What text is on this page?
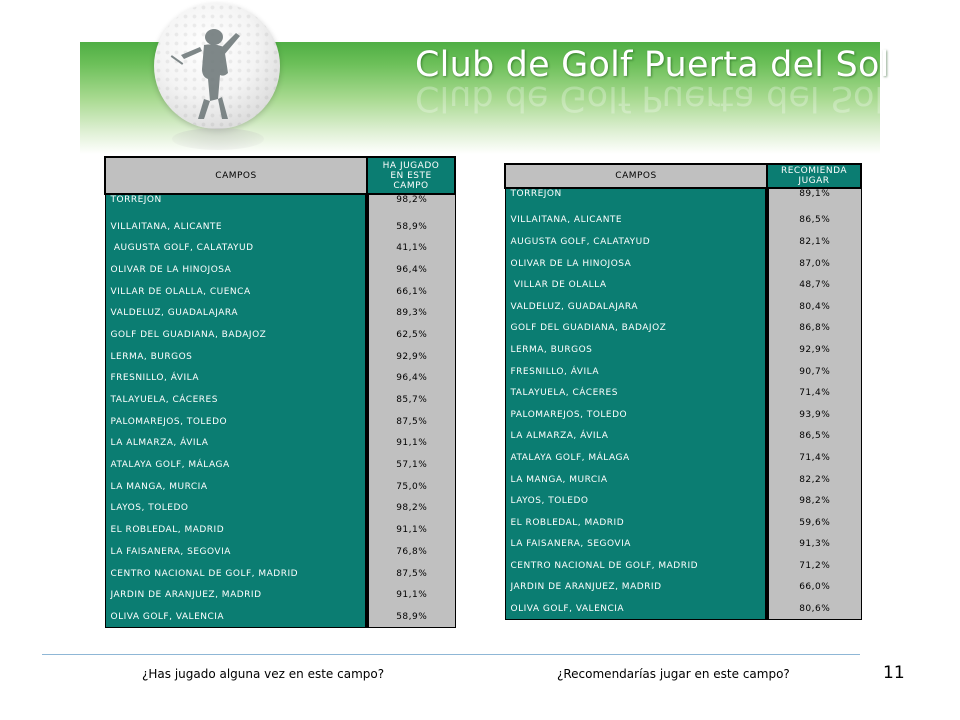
Club de Golf Puerta del Sol
Club de Golf Puerta del Sol
CAMPOS	HA JUGADO
EN ESTE
CAMPO
TORREJÓN	98,2%
VILLAITANA, ALICANTE	58,9%
AUGUSTA GOLF, CALATAYUD	41,1%
OLIVAR DE LA HINOJOSA	96,4%
VILLAR DE OLALLA, CUENCA	66,1%
VALDELUZ, GUADALAJARA	89,3%
GOLF DEL GUADIANA, BADAJOZ	62,5%
LERMA, BURGOS	92,9%
FRESNILLO, ÁVILA	96,4%
TALAYUELA, CÁCERES	85,7%
PALOMAREJOS, TOLEDO	87,5%
LA ALMARZA, ÁVILA	91,1%
ATALAYA GOLF, MÁLAGA	57,1%
LA MANGA, MURCIA	75,0%
LAYOS, TOLEDO	98,2%
EL ROBLEDAL, MADRID	91,1%
LA FAISANERA, SEGOVIA	76,8%
CENTRO NACIONAL DE GOLF, MADRID	87,5%
JARDIN DE ARANJUEZ, MADRID	91,1%
OLIVA GOLF, VALENCIA	58,9%
CAMPOS	RECOMIENDA
JUGAR
TORREJÓN	89,1%
VILLAITANA, ALICANTE	86,5%
AUGUSTA GOLF, CALATAYUD	82,1%
OLIVAR DE LA HINOJOSA	87,0%
VILLAR DE OLALLA	48,7%
VALDELUZ, GUADALAJARA	80,4%
GOLF DEL GUADIANA, BADAJOZ	86,8%
LERMA, BURGOS	92,9%
FRESNILLO, ÁVILA	90,7%
TALAYUELA, CÁCERES	71,4%
PALOMAREJOS, TOLEDO	93,9%
LA ALMARZA, ÁVILA	86,5%
ATALAYA GOLF, MÁLAGA	71,4%
LA MANGA, MURCIA	82,2%
LAYOS, TOLEDO	98,2%
EL ROBLEDAL, MADRID	59,6%
LA FAISANERA, SEGOVIA	91,3%
CENTRO NACIONAL DE GOLF, MADRID	71,2%
JARDIN DE ARANJUEZ, MADRID	66,0%
OLIVA GOLF, VALENCIA	80,6%
¿Has jugado alguna vez en este campo?	¿Recomendarías jugar en este campo?	11
